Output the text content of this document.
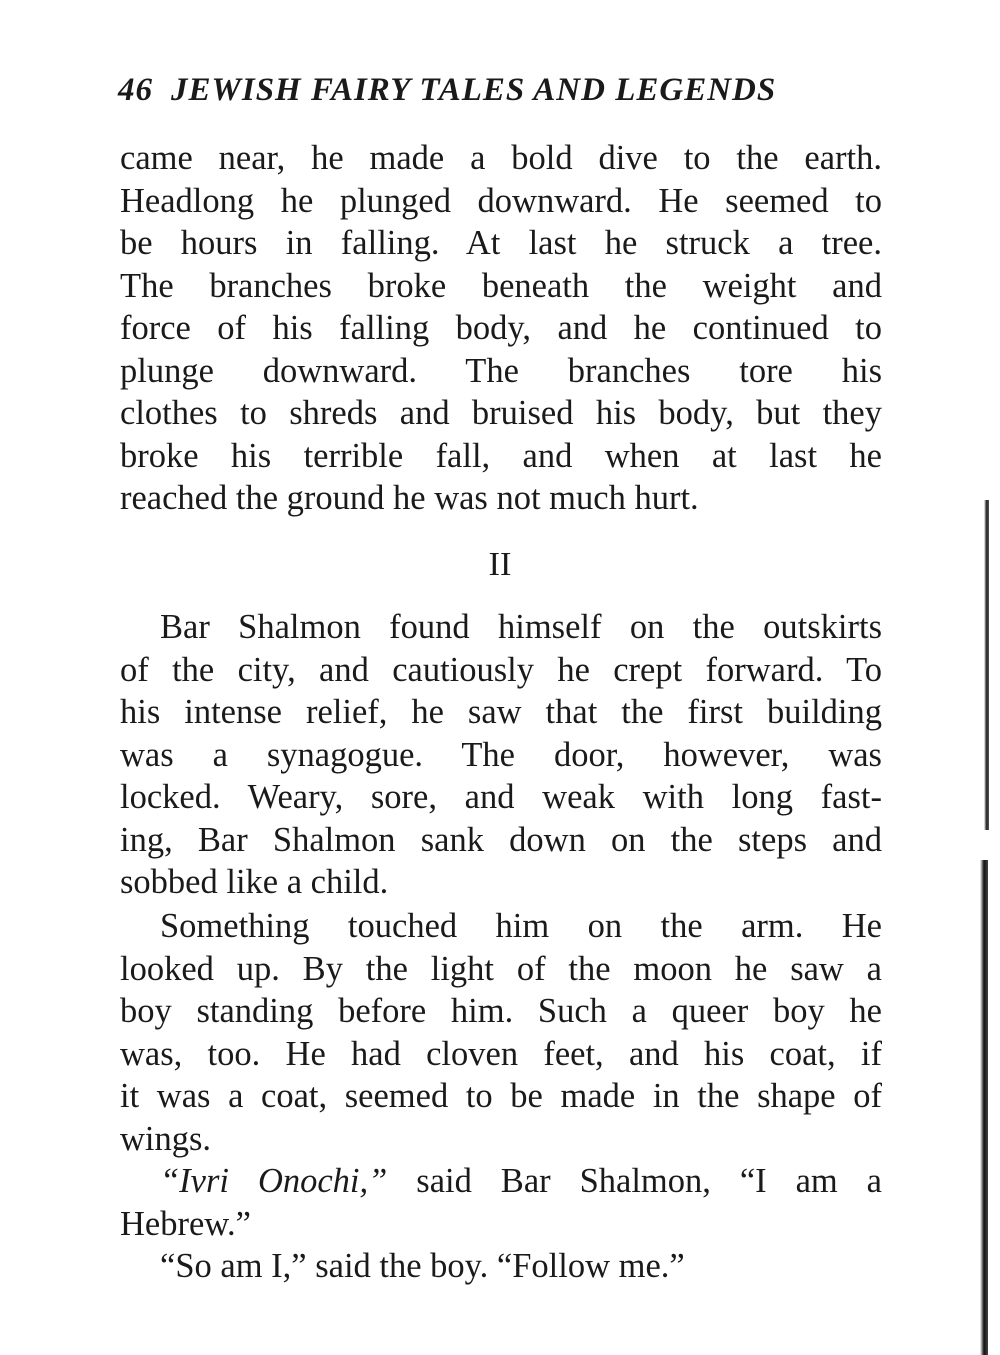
46 JEWISH FAIRY TALES AND LEGENDS
came near, he made a bold dive to the earth.
Headlong he plunged downward. He seemed to
be hours in falling. At last he struck a tree.
The branches broke beneath the weight and
force of his falling body, and he continued to
plunge downward. The branches tore his
clothes to shreds and bruised his body, but they
broke his terrible fall, and when at last he
reached the ground he was not much hurt.
II
Bar Shalmon found himself on the outskirts
of the city, and cautiously he crept forward. To
his intense relief, he saw that the first building
was a synagogue. The door, however, was
locked. Weary, sore, and weak with long fast-
ing, Bar Shalmon sank down on the steps and
sobbed like a child.
Something touched him on the arm. He
looked up. By the light of the moon he saw a
boy standing before him. Such a queer boy he
was, too. He had cloven feet, and his coat, if
it was a coat, seemed to be made in the shape of
wings.
“Ivri Onochi,” said Bar Shalmon, “I am a
Hebrew.”
“So am I,” said the boy. “Follow me.”
